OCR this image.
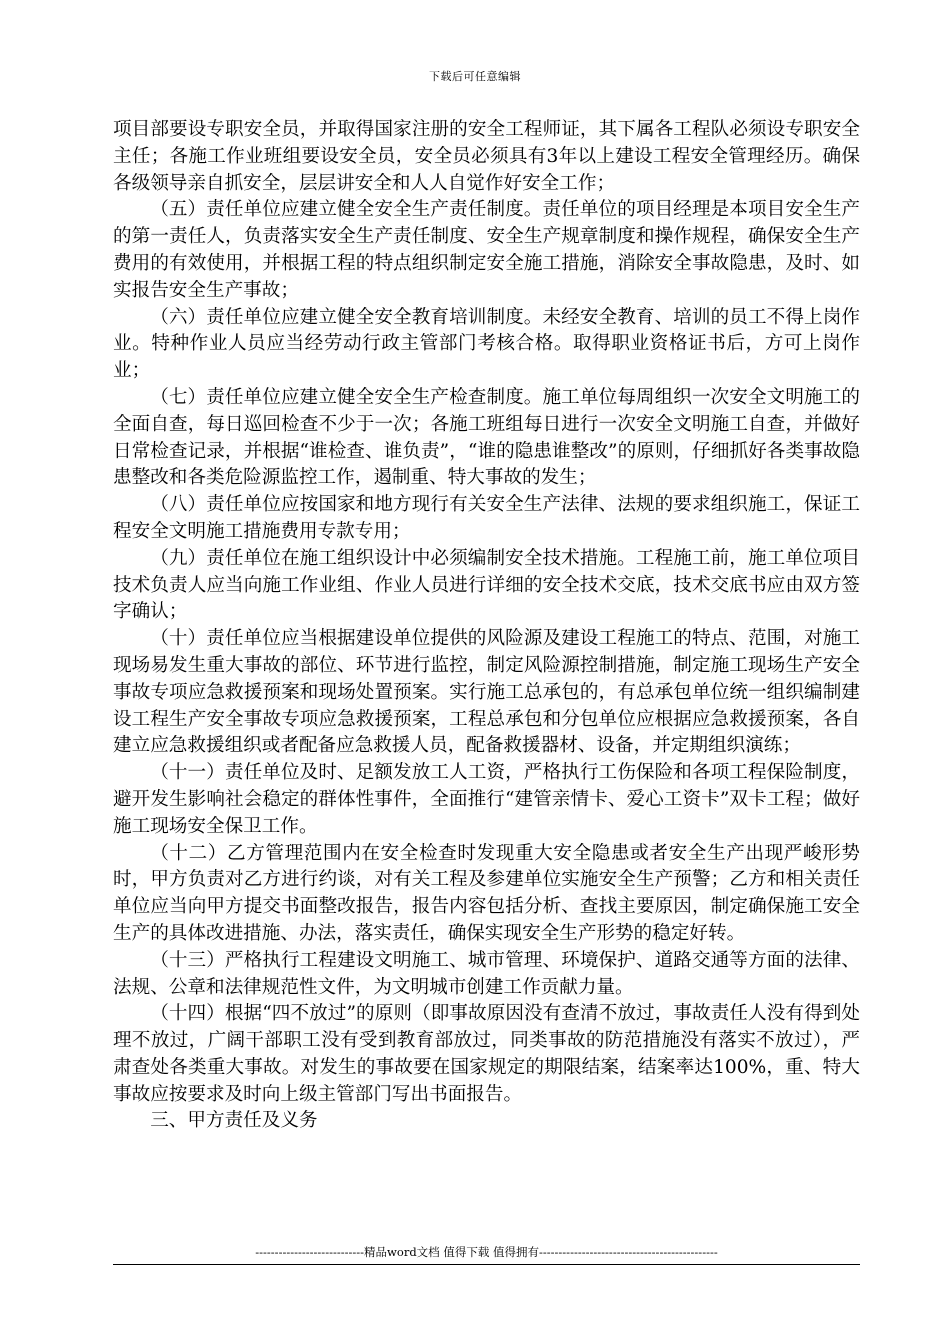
下载后可任意编辑

项目部要设专职安全员，并取得国家注册的安全工程师证，其下属各工程队必须设专职安全主任；各施工作业班组要设安全员，安全员必须具有3年以上建设工程安全管理经历。确保各级领导亲自抓安全，层层讲安全和人人自觉作好安全工作；

（五）责任单位应建立健全安全生产责任制度。责任单位的项目经理是本项目安全生产的第一责任人，负责落实安全生产责任制度、安全生产规章制度和操作规程，确保安全生产费用的有效使用，并根据工程的特点组织制定安全施工措施，消除安全事故隐患，及时、如实报告安全生产事故；

（六）责任单位应建立健全安全教育培训制度。未经安全教育、培训的员工不得上岗作业。特种作业人员应当经劳动行政主管部门考核合格。取得职业资格证书后，方可上岗作业；

（七）责任单位应建立健全安全生产检查制度。施工单位每周组织一次安全文明施工的全面自查，每日巡回检查不少于一次；各施工班组每日进行一次安全文明施工自查，并做好日常检查记录，并根据“谁检查、谁负责”，“谁的隐患谁整改”的原则，仔细抓好各类事故隐患整改和各类危险源监控工作，遏制重、特大事故的发生；

（八）责任单位应按国家和地方现行有关安全生产法律、法规的要求组织施工，保证工程安全文明施工措施费用专款专用；

（九）责任单位在施工组织设计中必须编制安全技术措施。工程施工前，施工单位项目技术负责人应当向施工作业组、作业人员进行详细的安全技术交底，技术交底书应由双方签字确认；

（十）责任单位应当根据建设单位提供的风险源及建设工程施工的特点、范围，对施工现场易发生重大事故的部位、环节进行监控，制定风险源控制措施，制定施工现场生产安全事故专项应急救援预案和现场处置预案。实行施工总承包的，有总承包单位统一组织编制建设工程生产安全事故专项应急救援预案，工程总承包和分包单位应根据应急救援预案，各自建立应急救援组织或者配备应急救援人员，配备救援器材、设备，并定期组织演练；

（十一）责任单位及时、足额发放工人工资，严格执行工伤保险和各项工程保险制度，避开发生影响社会稳定的群体性事件，全面推行“建管亲情卡、爱心工资卡”双卡工程；做好施工现场安全保卫工作。

（十二）乙方管理范围内在安全检查时发现重大安全隐患或者安全生产出现严峻形势时，甲方负责对乙方进行约谈，对有关工程及参建单位实施安全生产预警；乙方和相关责任单位应当向甲方提交书面整改报告，报告内容包括分析、查找主要原因，制定确保施工安全生产的具体改进措施、办法，落实责任，确保实现安全生产形势的稳定好转。

（十三）严格执行工程建设文明施工、城市管理、环境保护、道路交通等方面的法律、法规、公章和法律规范性文件，为文明城市创建工作贡献力量。

（十四）根据“四不放过”的原则（即事故原因没有查清不放过，事故责任人没有得到处理不放过，广阔干部职工没有受到教育部放过，同类事故的防范措施没有落实不放过），严肃查处各类重大事故。对发生的事故要在国家规定的期限结案，结案率达100%，重、特大事故应按要求及时向上级主管部门写出书面报告。

三、甲方责任及义务

----------------------------精品word文档 值得下载 值得拥有----------------------------------------------
